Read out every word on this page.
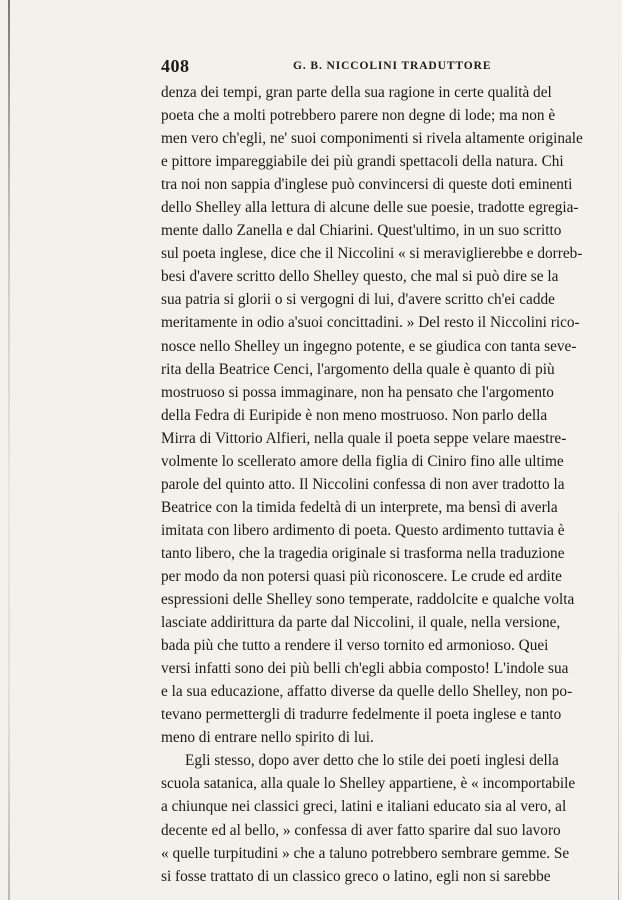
408	G. B. NICCOLINI TRADUTTORE
denza dei tempi, gran parte della sua ragione in certe qualità del
poeta che a molti potrebbero parere non degne di lode; ma non è
men vero ch'egli, ne' suoi componimenti si rivela altamente originale
e pittore impareggiabile dei più grandi spettacoli della natura. Chi
tra noi non sappia d'inglese può convincersi di queste doti eminenti
dello Shelley alla lettura di alcune delle sue poesie, tradotte egregia-
mente dallo Zanella e dal Chiarini. Quest'ultimo, in un suo scritto
sul poeta inglese, dice che il Niccolini « si meraviglierebbe e dorreb-
besi d'avere scritto dello Shelley questo, che mal si può dire se la
sua patria si glorii o si vergogni di lui, d'avere scritto ch'ei cadde
meritamente in odio a'suoi concittadini. » Del resto il Niccolini rico-
nosce nello Shelley un ingegno potente, e se giudica con tanta seve-
rita della Beatrice Cenci, l'argomento della quale è quanto di più
mostruoso si possa immaginare, non ha pensato che l'argomento
della Fedra di Euripide è non meno mostruoso. Non parlo della
Mirra di Vittorio Alfieri, nella quale il poeta seppe velare maestre-
volmente lo scellerato amore della figlia di Ciniro fino alle ultime
parole del quinto atto. Il Niccolini confessa di non aver tradotto la
Beatrice con la timida fedeltà di un interprete, ma bensì di averla
imitata con libero ardimento di poeta. Questo ardimento tuttavia è
tanto libero, che la tragedia originale si trasforma nella traduzione
per modo da non potersi quasi più riconoscere. Le crude ed ardite
espressioni delle Shelley sono temperate, raddolcite e qualche volta
lasciate addirittura da parte dal Niccolini, il quale, nella versione,
bada più che tutto a rendere il verso tornito ed armonioso. Quei
versi infatti sono dei più belli ch'egli abbia composto! L'indole sua
e la sua educazione, affatto diverse da quelle dello Shelley, non po-
tevano permettergli di tradurre fedelmente il poeta inglese e tanto
meno di entrare nello spirito di lui.
Egli stesso, dopo aver detto che lo stile dei poeti inglesi della
scuola satanica, alla quale lo Shelley appartiene, è « incomportabile
a chiunque nei classici greci, latini e italiani educato sia al vero, al
decente ed al bello, » confessa di aver fatto sparire dal suo lavoro
« quelle turpitudini » che a taluno potrebbero sembrare gemme. Se
si fosse trattato di un classico greco o latino, egli non si sarebbe
